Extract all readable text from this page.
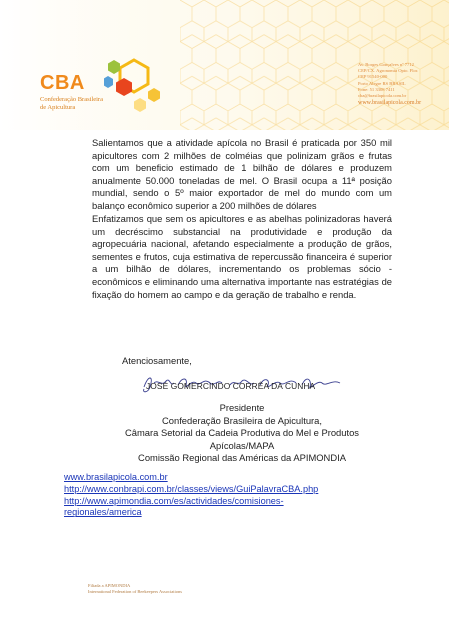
CBA
Confederação Brasileira
de Apicultura
Av. Borges Gonçalves nº 7712
CEP/CX. Agronomia Opto. Flor.
CEP 91540-000
Porto Alegre RS BRASIL
Fone: 51 3308 7411
cba@brasilapicola.com.br
www.brasilapicola.com.br
Salientamos que a atividade apícola no Brasil é praticada por 350 mil apicultores com 2 milhões de colméias que polinizam grãos e frutas com um beneficio estimado de 1 bilhão de dólares e produzem anualmente 50.000 toneladas de mel. O Brasil ocupa a 11ª posição mundial, sendo o 5º maior exportador de mel do mundo com um balanço econômico superior a 200 milhões de dólares
Enfatizamos que sem os apicultores e as abelhas polinizadoras haverá um decréscimo substancial na produtividade e produção da agropecuária nacional, afetando especialmente a produção de grãos, sementes e frutos, cuja estimativa de repercussão financeira é superior a um bilhão de dólares, incrementando os problemas sócio - econômicos e eliminando uma alternativa importante nas estratégias de fixação do homem ao campo e da geração de trabalho e renda.
Atenciosamente,
JOSÉ GOMERCINDO CORRÊA DA CUNHA
Presidente
Confederação Brasileira de Apicultura,
Câmara Setorial da Cadeia Produtiva do Mel e Produtos
Apícolas/MAPA
Comissão Regional das Américas da APIMONDIA
www.brasilapicola.com.br
http://www.conbrapi.com.br/classes/views/GuiPalavraCBA.php
http://www.apimondia.com/es/actividades/comisiones-
regionales/america
Filiada a APIMONDIA
International Federation of Beekeepers Associations
